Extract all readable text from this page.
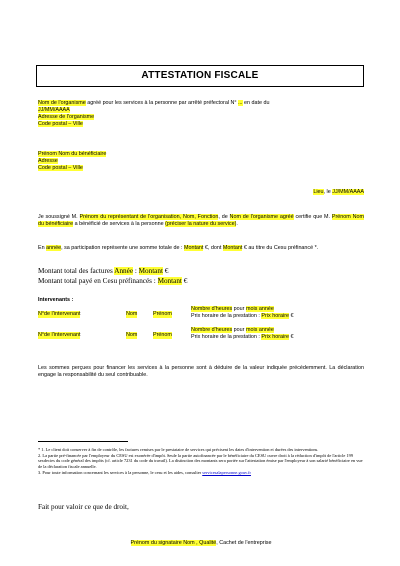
ATTESTATION FISCALE
Nom de l'organisme agréé pour les services à la personne par arrêté préfectoral N° ... en date du
JJ/MM/AAAA
Adresse de l'organisme
Code postal – Ville
Prénom Nom du bénéficiaire
Adresse
Code postal – Ville
Lieu, le JJ/MM/AAAA
Je soussigné M. Prénom du représentant de l'organisation, Nom, Fonction, de Nom de l'organisme agréé certifie que M. Prénom Nom du bénéficiaire a bénéficié de services à la personne (préciser la nature du service).
En année, sa participation représente une somme totale de : Montant €, dont Montant € au titre du Cesu préfinancé *.
Montant total des factures Année : Montant €
Montant total payé en Cesu préfinancés : Montant €
Intervenants :
N°de l'intervenant	Nom	Prénom
Nombre d'heures pour mois année
Prix horaire de la prestation : Prix horaire €
N°de l'intervenant	Nom	Prénom
Nombre d'heures pour mois année
Prix horaire de la prestation : Prix horaire €
Les sommes perçues pour financer les services à la personne sont à déduire de la valeur indiquée précédemment. La déclaration engage la responsabilité du seul contribuable.
* 1. Le client doit conserver à fin de contrôle, les factures remises par le prestataire de services qui précisent les dates d'intervention et durées des interventions.
2. La partie pré-financée par l'employeur du CESU est exonérée d'impôt. Seule la partie autofinancée par le bénéficiaire du CESU ouvre droit à la réduction d'impôt de l'article 199 sexdecies du code général des impôts (cf. article 7231 du code du travail). La distinction des montants sera portée sur l'attestation émise par l'employeur à son salarié bénéficiaire en vue de la déclaration fiscale annuelle.
3. Pour toute information concernant les services à la personne, le cesu et les aides, consulter servicesalapersonne.gouv.fr
Fait pour valoir ce que de droit,
Prénom du signataire Nom , Qualité, Cachet de l'entreprise
